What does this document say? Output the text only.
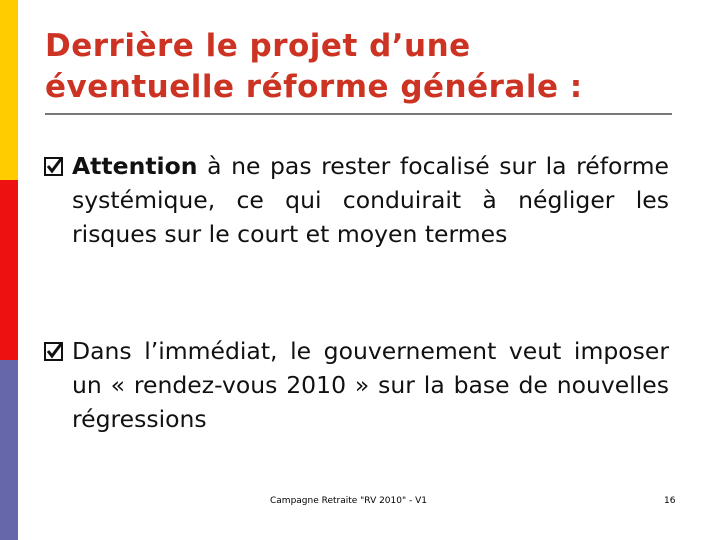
Derrière le projet d’une
éventuelle réforme générale :
Attention à ne pas rester focalisé sur la réforme systémique, ce qui conduirait à négliger les risques sur le court et moyen termes
Dans l’immédiat, le gouvernement veut imposer un « rendez-vous 2010 » sur la base de nouvelles régressions
Campagne Retraite "RV 2010" - V1	16
